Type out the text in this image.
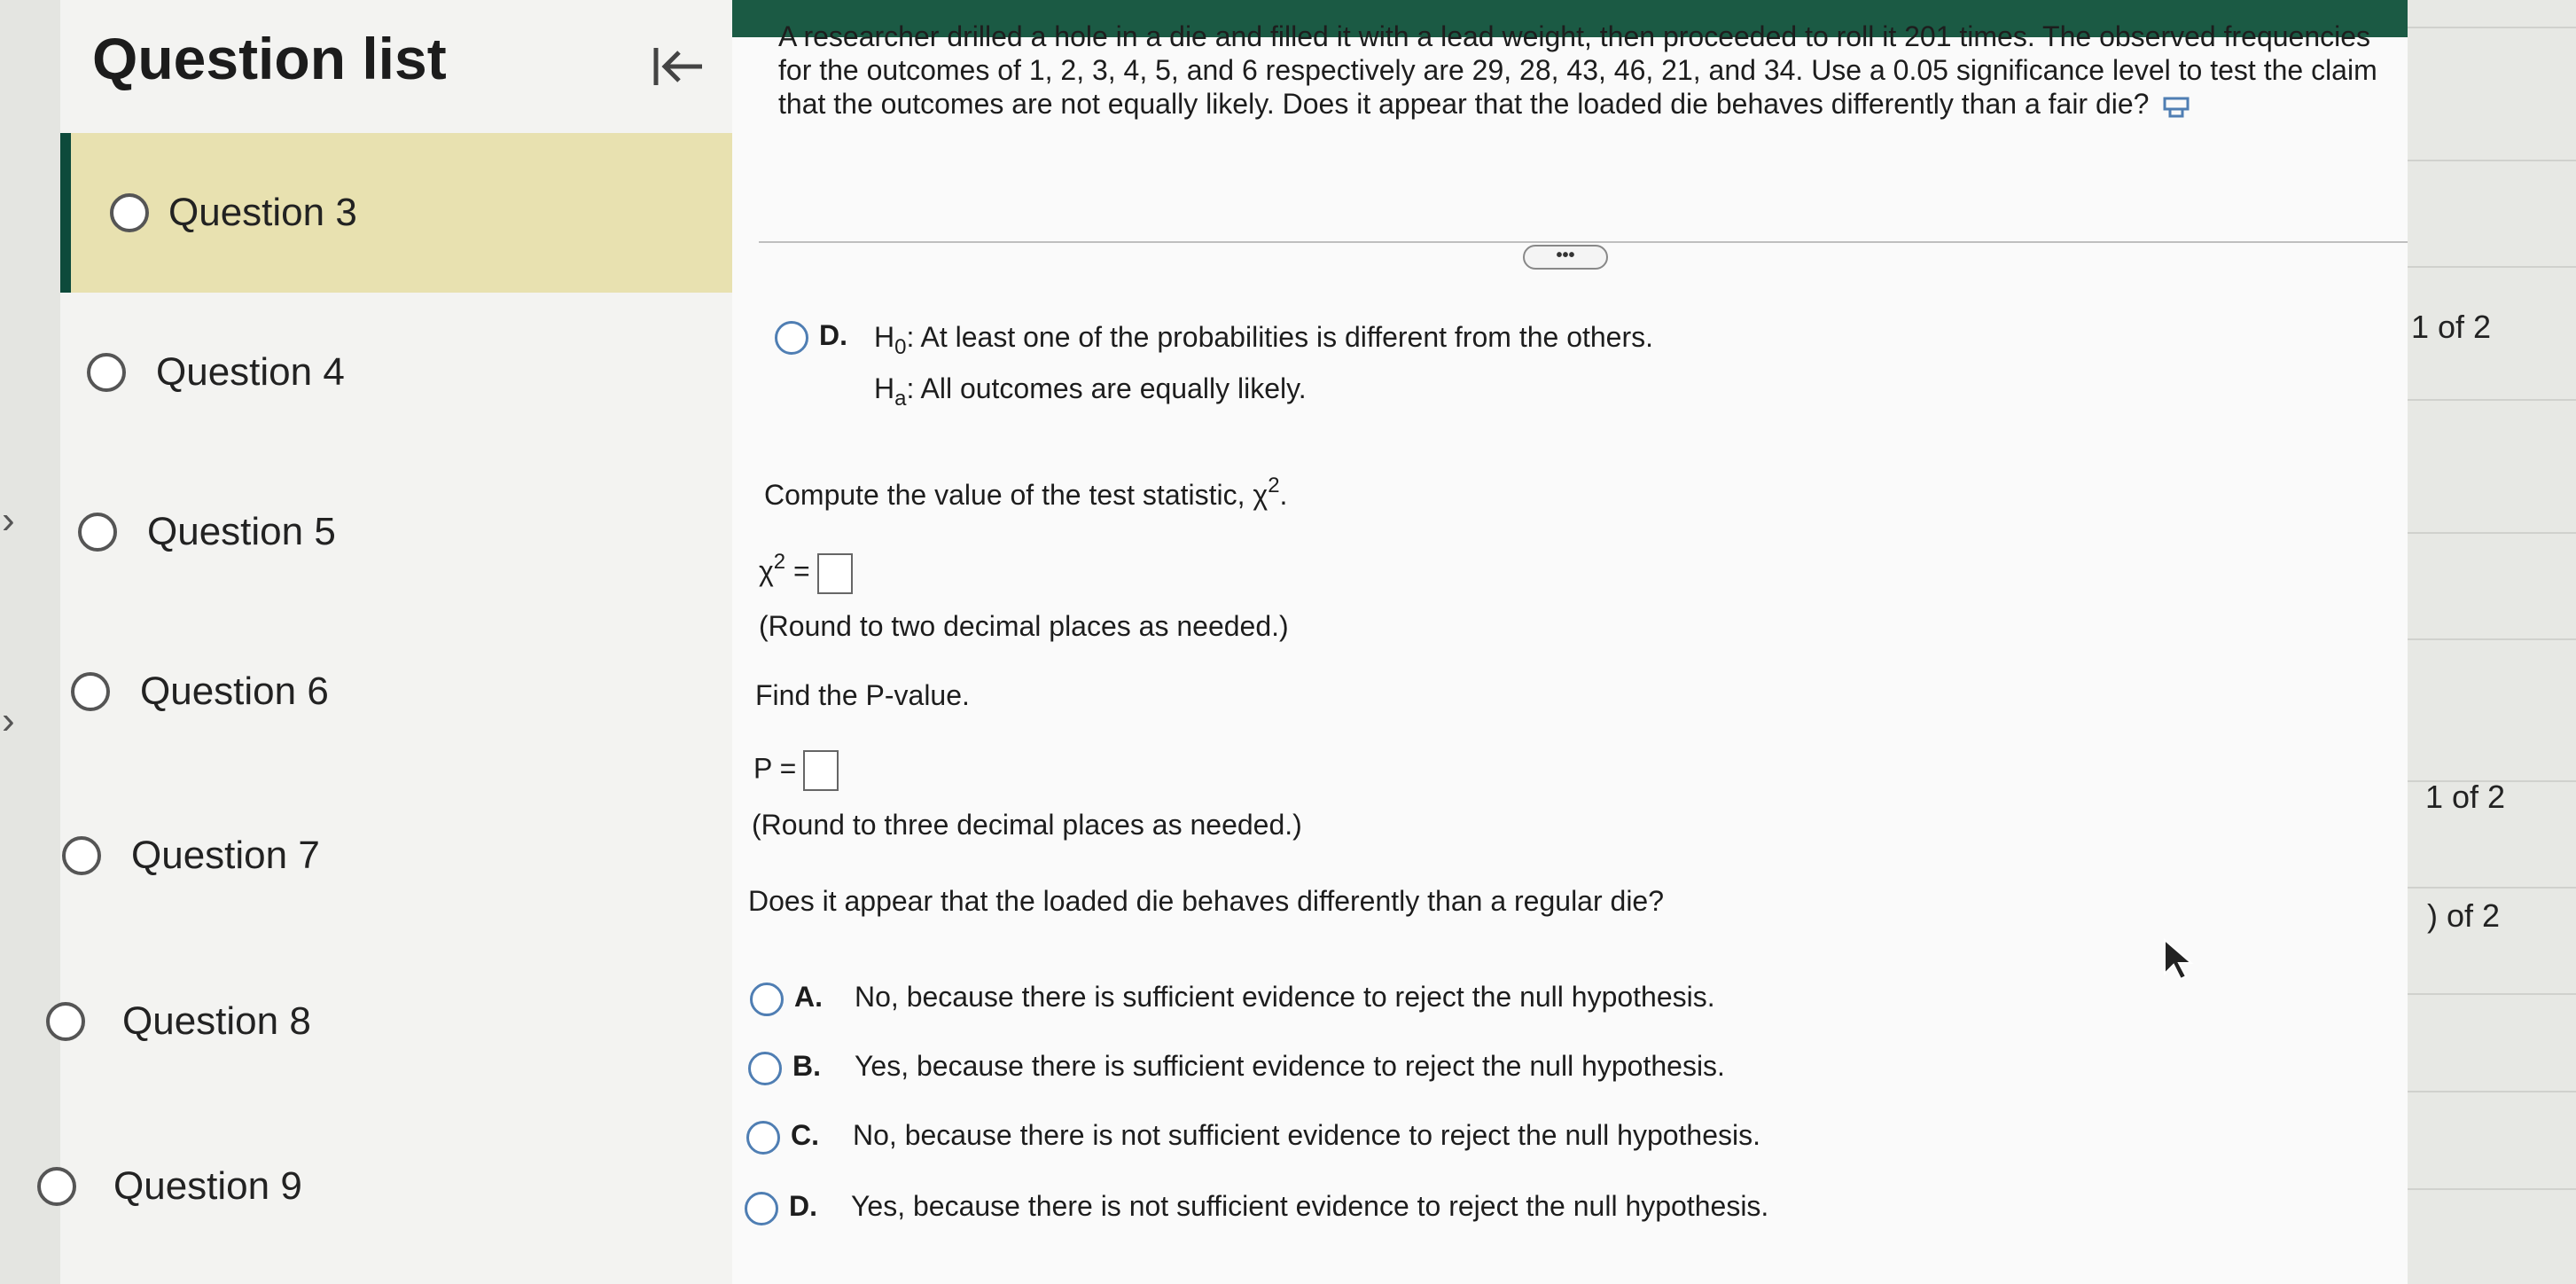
›
›
Question list
Question 3
Question 4
Question 5
Question 6
Question 7
Question 8
Question 9
A researcher drilled a hole in a die and filled it with a lead weight, then proceeded to roll it 201 times. The observed frequencies for the outcomes of 1, 2, 3, 4, 5, and 6 respectively are 29, 28, 43, 46, 21, and 34. Use a 0.05 significance level to test the claim that the outcomes are not equally likely. Does it appear that the loaded die behaves differently than a fair die?
•••
D. $H_0$: At least one of the probabilities is different from the others.
$H_a$: All outcomes are equally likely.
Compute the value of the test statistic, $\chi^2$.
$\chi^2$ =
(Round to two decimal places as needed.)
Find the P-value.
P =
(Round to three decimal places as needed.)
Does it appear that the loaded die behaves differently than a regular die?
A. No, because there is sufficient evidence to reject the null hypothesis.
B. Yes, because there is sufficient evidence to reject the null hypothesis.
C. No, because there is not sufficient evidence to reject the null hypothesis.
D. Yes, because there is not sufficient evidence to reject the null hypothesis.
1 of 2
1 of 2
) of 2
